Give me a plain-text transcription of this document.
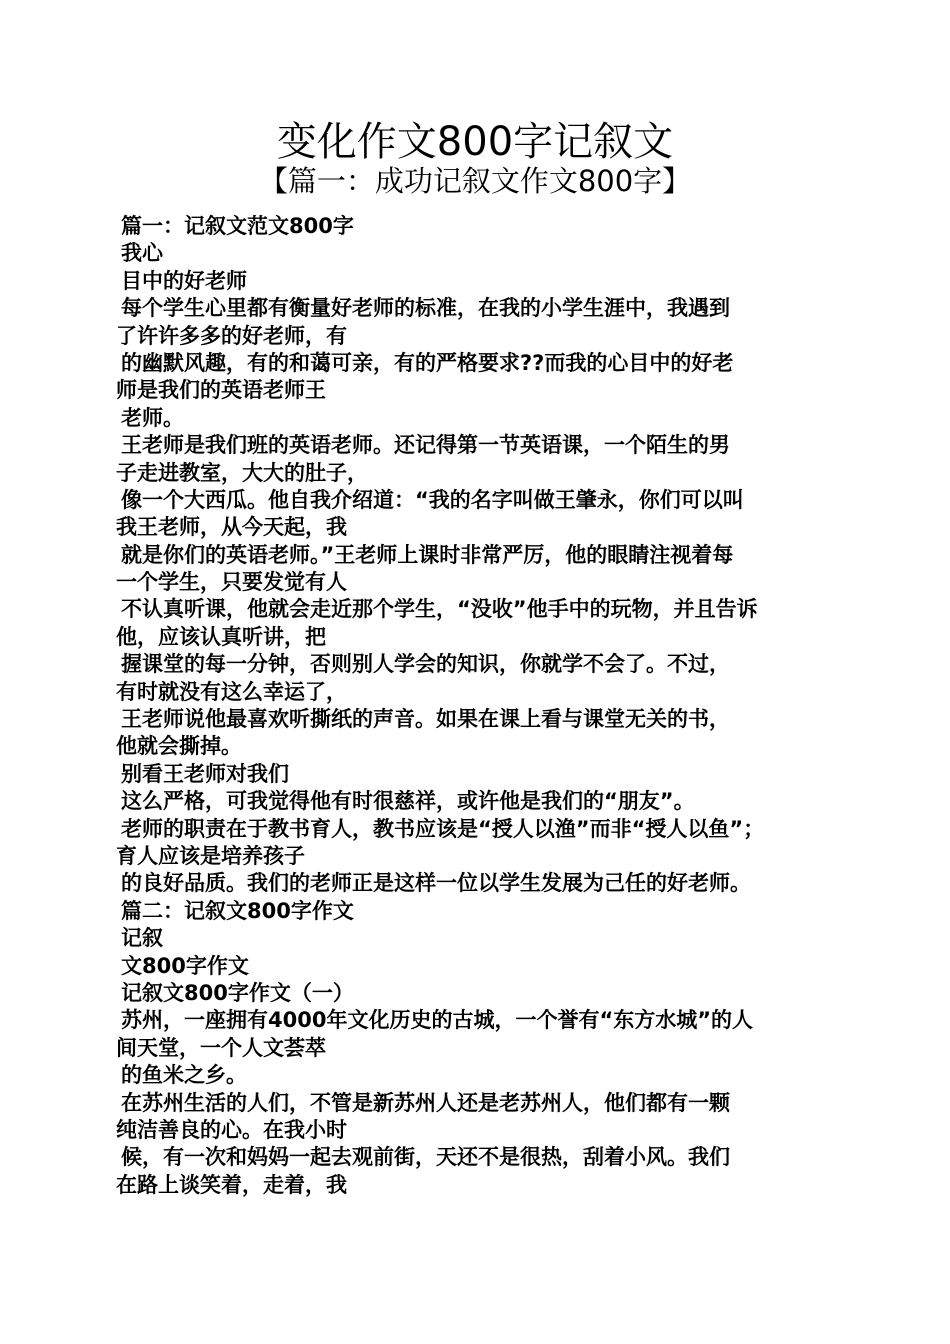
变化作文800字记叙文
【篇一：成功记叙文作文800字】
篇一：记叙文范文800字
我心
目中的好老师
每个学生心里都有衡量好老师的标准，在我的小学生涯中，我遇到
了许许多多的好老师，有
的幽默风趣，有的和蔼可亲，有的严格要求??而我的心目中的好老
师是我们的英语老师王
老师。
王老师是我们班的英语老师。还记得第一节英语课，一个陌生的男
子走进教室，大大的肚子，
像一个大西瓜。他自我介绍道：“我的名字叫做王肇永，你们可以叫
我王老师，从今天起，我
就是你们的英语老师。”王老师上课时非常严厉，他的眼睛注视着每
一个学生，只要发觉有人
不认真听课，他就会走近那个学生，“没收”他手中的玩物，并且告诉
他，应该认真听讲，把
握课堂的每一分钟，否则别人学会的知识，你就学不会了。不过，
有时就没有这么幸运了，
王老师说他最喜欢听撕纸的声音。如果在课上看与课堂无关的书，
他就会撕掉。
别看王老师对我们
这么严格，可我觉得他有时很慈祥，或许他是我们的“朋友”。
老师的职责在于教书育人，教书应该是“授人以渔”而非“授人以鱼”；
育人应该是培养孩子
的良好品质。我们的老师正是这样一位以学生发展为己任的好老师。
篇二：记叙文800字作文
记叙
文800字作文
记叙文800字作文（一）
苏州，一座拥有4000年文化历史的古城，一个誉有“东方水城”的人
间天堂，一个人文荟萃
的鱼米之乡。
在苏州生活的人们，不管是新苏州人还是老苏州人，他们都有一颗
纯洁善良的心。在我小时
候，有一次和妈妈一起去观前街，天还不是很热，刮着小风。我们
在路上谈笑着，走着，我
